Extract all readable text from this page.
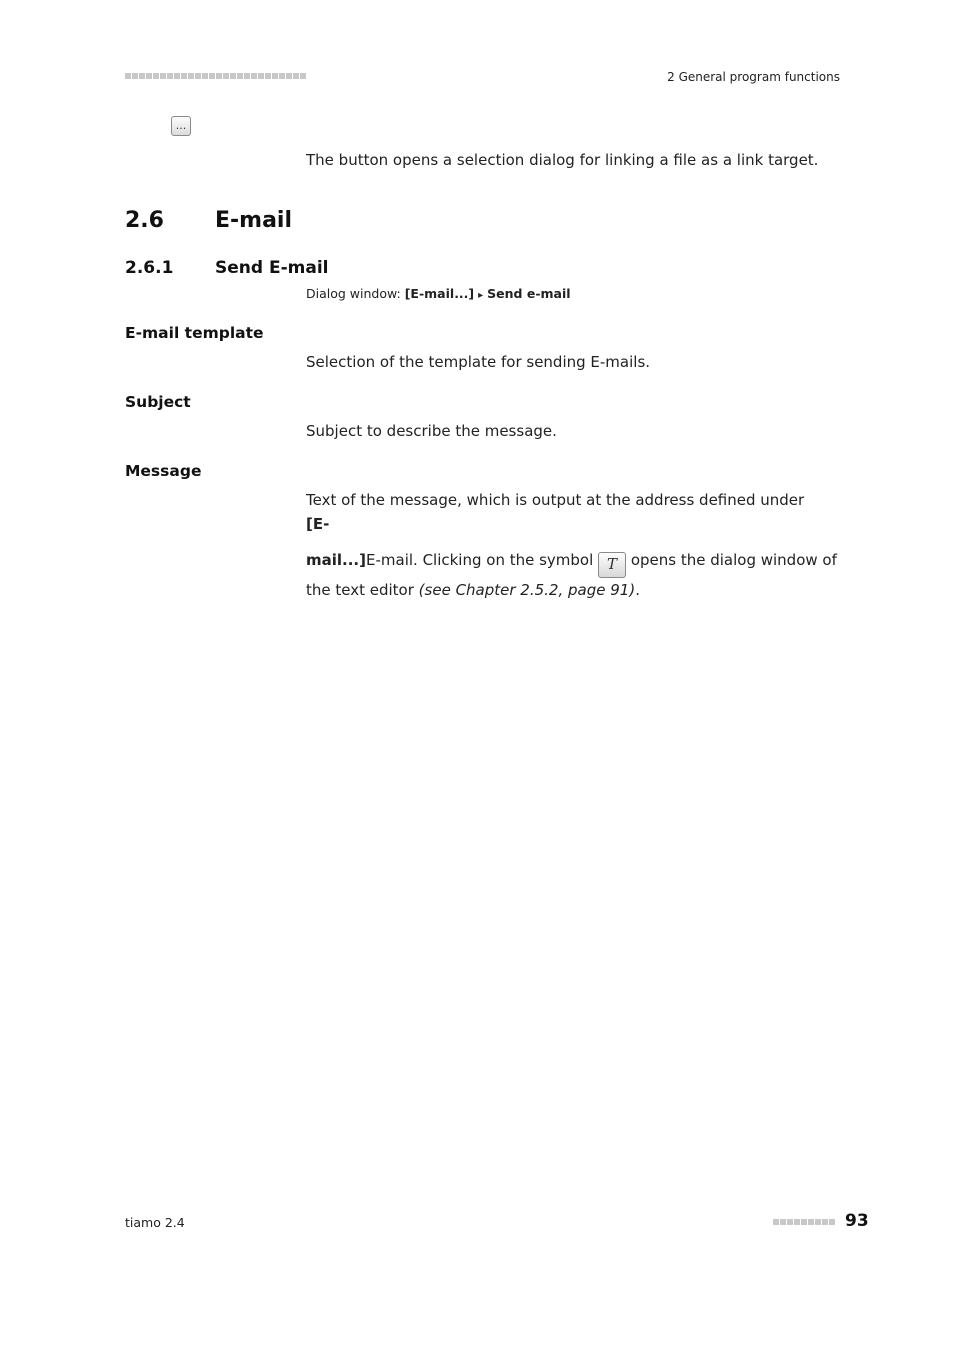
2 General program functions
...
The button opens a selection dialog for linking a file as a link target.
2.6 E-mail
2.6.1 Send E-mail
Dialog window: [E-mail...] ▸ Send e-mail
E-mail template
Selection of the template for sending E-mails.
Subject
Subject to describe the message.
Message
Text of the message, which is output at the address defined under [E-
mail...]E-mail. Clicking on the symbol T opens the dialog window of
the text editor (see Chapter 2.5.2, page 91).
tiamo 2.4	93
